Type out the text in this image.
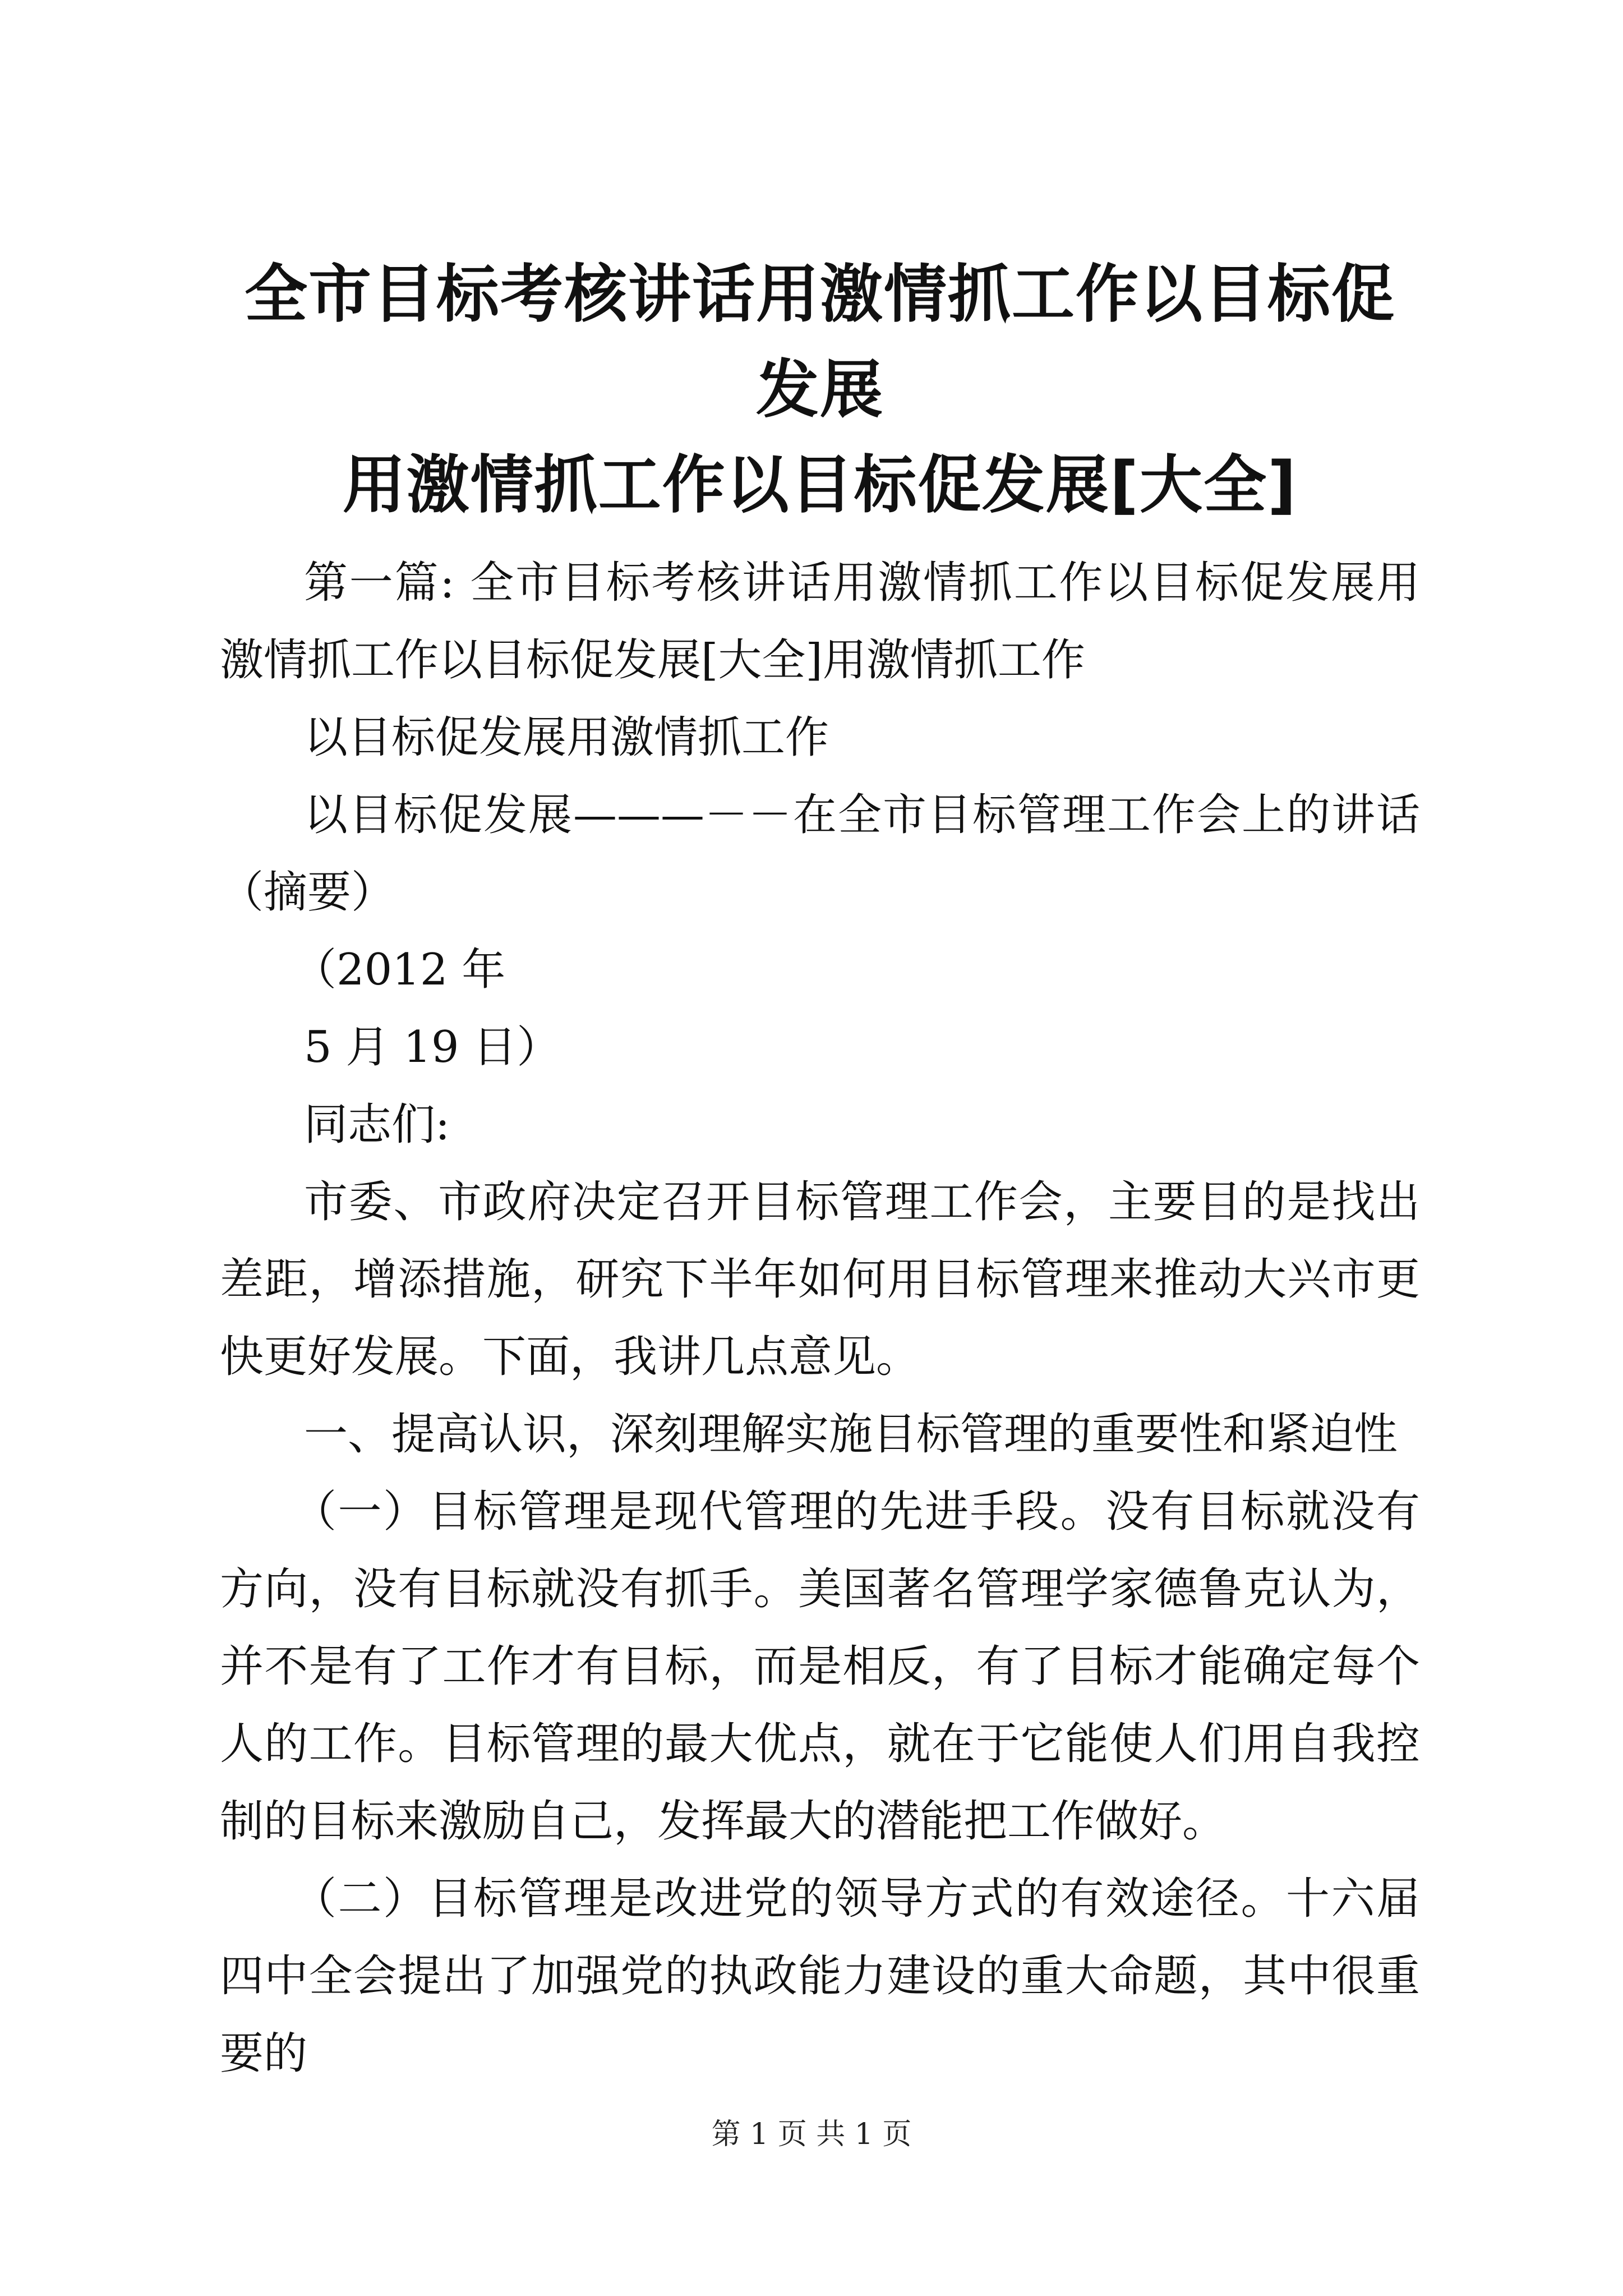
全市目标考核讲话用激情抓工作以目标促发展
用激情抓工作以目标促发展[大全]

第一篇: 全市目标考核讲话用激情抓工作以目标促发展用激情抓工作以目标促发展[大全]用激情抓工作

以目标促发展用激情抓工作

以目标促发展———－－在全市目标管理工作会上的讲话（摘要）

（2012 年

5 月 19 日）

同志们:

市委、市政府决定召开目标管理工作会，主要目的是找出差距，增添措施，研究下半年如何用目标管理来推动大兴市更快更好发展。下面，我讲几点意见。

一、提高认识，深刻理解实施目标管理的重要性和紧迫性

（一）目标管理是现代管理的先进手段。没有目标就没有方向，没有目标就没有抓手。美国著名管理学家德鲁克认为，并不是有了工作才有目标，而是相反，有了目标才能确定每个人的工作。目标管理的最大优点，就在于它能使人们用自我控制的目标来激励自己，发挥最大的潜能把工作做好。

（二）目标管理是改进党的领导方式的有效途径。十六届四中全会提出了加强党的执政能力建设的重大命题，其中很重要的

第 1 页 共 1 页
